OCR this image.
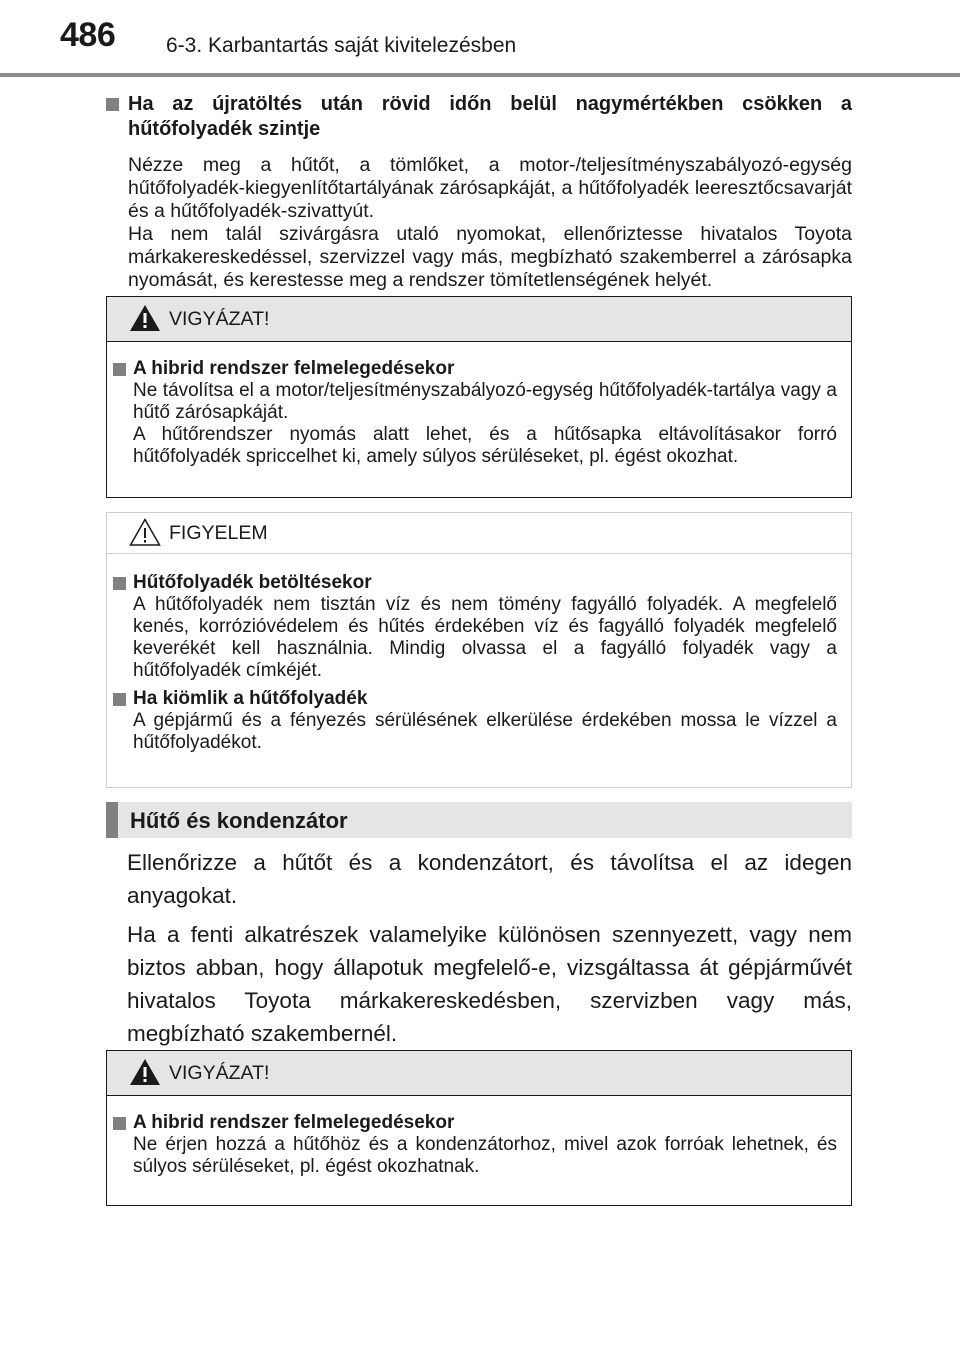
486 6-3. Karbantartás saját kivitelezésben
Ha az újratöltés után rövid időn belül nagymértékben csökken a hűtőfolyadék szintje
Nézze meg a hűtőt, a tömlőket, a motor-/teljesítményszabályozó-egység hűtőfolyadék-kiegyenlítőtartályának zárósapkáját, a hűtőfolyadék leeresztőcsavarját és a hűtőfolyadék-szivattyút.
Ha nem talál szivárgásra utaló nyomokat, ellenőriztesse hivatalos Toyota márkakereskedéssel, szervizzel vagy más, megbízható szakemberrel a zárósapka nyomását, és kerestesse meg a rendszer tömítetlenségének helyét.
VIGYÁZAT!
A hibrid rendszer felmelegedésekor
Ne távolítsa el a motor/teljesítményszabályozó-egység hűtőfolyadék-tartálya vagy a hűtő zárósapkáját.
A hűtőrendszer nyomás alatt lehet, és a hűtősapka eltávolításakor forró hűtőfolyadék spriccelhet ki, amely súlyos sérüléseket, pl. égést okozhat.
FIGYELEM
Hűtőfolyadék betöltésekor
A hűtőfolyadék nem tisztán víz és nem tömény fagyálló folyadék. A megfelelő kenés, korrózióvédelem és hűtés érdekében víz és fagyálló folyadék megfelelő keverékét kell használnia. Mindig olvassa el a fagyálló folyadék vagy a hűtőfolyadék címkéjét.
Ha kiömlik a hűtőfolyadék
A gépjármű és a fényezés sérülésének elkerülése érdekében mossa le vízzel a hűtőfolyadékot.
Hűtő és kondenzátor

Ellenőrizze a hűtőt és a kondenzátort, és távolítsa el az idegen anyagokat.

Ha a fenti alkatrészek valamelyike különösen szennyezett, vagy nem biztos abban, hogy állapotuk megfelelő-e, vizsgáltassa át gépjárművét hivatalos Toyota márkakereskedésben, szervizben vagy más, megbízható szakembernél.

VIGYÁZAT!
A hibrid rendszer felmelegedésekor
Ne érjen hozzá a hűtőhöz és a kondenzátorhoz, mivel azok forróak lehetnek, és súlyos sérüléseket, pl. égést okozhatnak.
